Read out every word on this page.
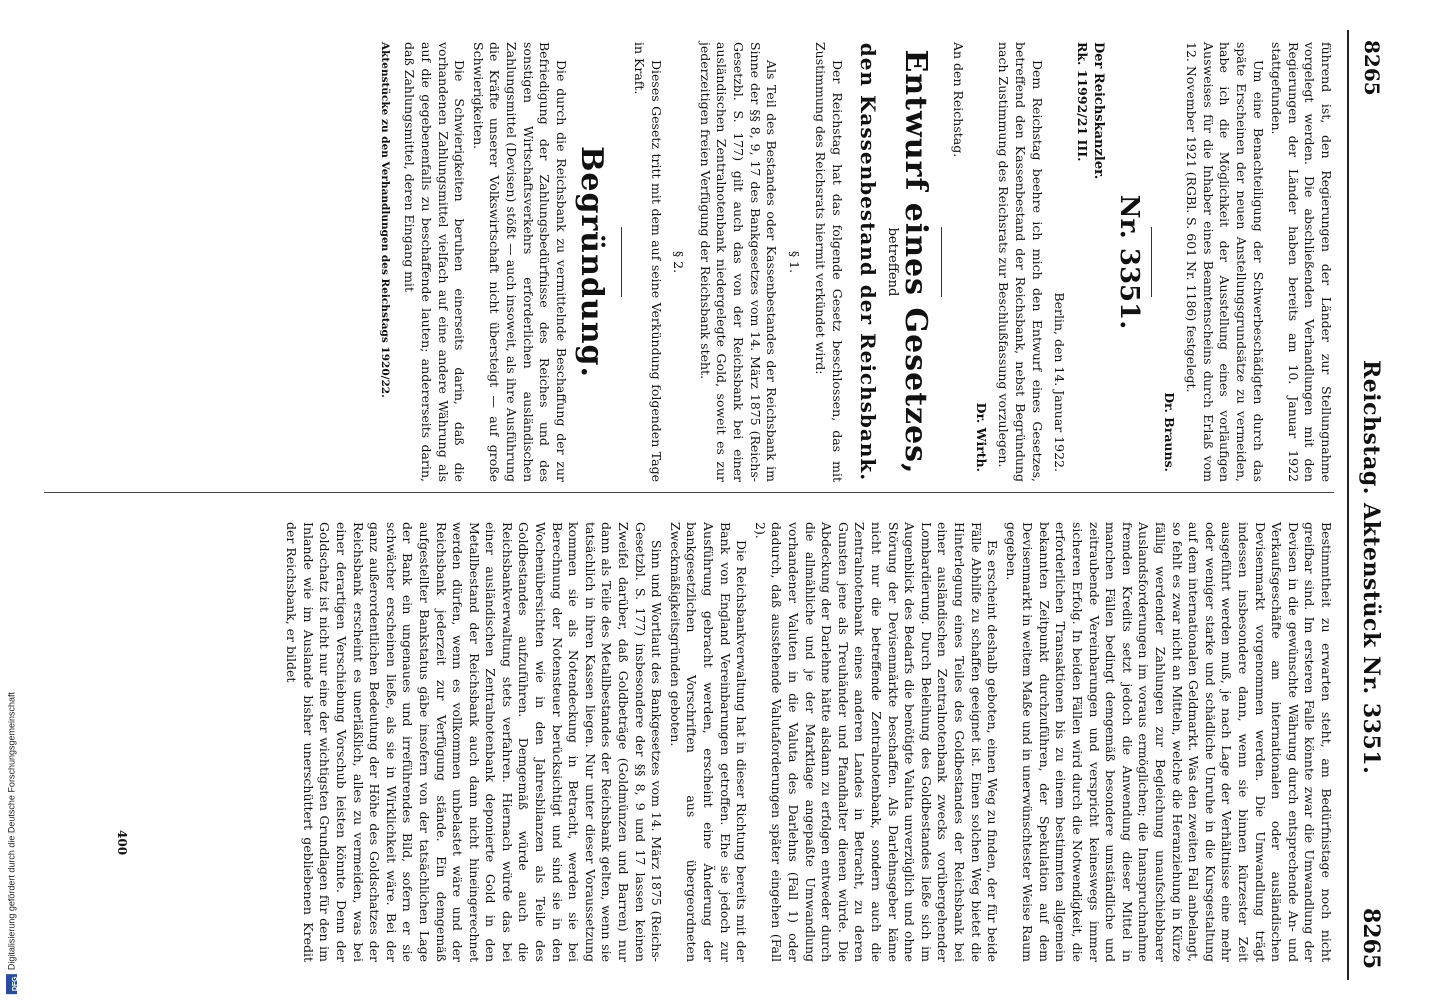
8265
Reichstag. Aktenstück Nr. 3351.
8265

führend ist, den Regierungen der Länder zur Stellungnahme vorgelegt werden. Die abschließenden Verhandlungen mit den Regierungen der Länder haben bereits am 10. Januar 1922 stattgefunden.

Um eine Benachteiligung der Schwerbeschädigten durch das späte Erscheinen der neuen Anstellungsgrundsätze zu vermeiden, habe ich die Möglichkeit der Ausstellung eines vorläufigen Ausweises für die Inhaber eines Beamtenscheins durch Erlaß vom 12. November 1921 (RGBl. S. 601 Nr. 1186) festgelegt.

Dr. Brauns.
Nr. 3351.
Der Reichskanzler.
Rk. 11992/21 III.
Berlin, den 14. Januar 1922.

Dem Reichstag beehre ich mich den Entwurf eines Gesetzes, betreffend den Kassenbestand der Reichsbank, nebst Begründung nach Zustimmung des Reichsrats zur Beschlußfassung vorzulegen.

Dr. Wirth.

An den Reichstag.

Entwurf eines Gesetzes,
betreffend
den Kassenbestand der Reichsbank.

Der Reichstag hat das folgende Gesetz beschlossen, das mit Zustimmung des Reichsrats hiermit verkündet wird:

§ 1.

Als Teil des Bestandes oder Kassenbestandes der Reichsbank im Sinne der §§ 8, 9, 17 des Bankgesetzes vom 14. März 1875 (Reichs-Gesetzbl. S. 177) gilt auch das von der Reichsbank bei einer ausländischen Zentralnotenbank niedergelegte Gold, soweit es zur jederzeitigen freien Verfügung der Reichsbank steht.

§ 2.

Dieses Gesetz tritt mit dem auf seine Verkündung folgenden Tage in Kraft.

Begründung.

Die durch die Reichsbank zu vermittelnde Beschaffung der zur Befriedigung der Zahlungsbedürfnisse des Reiches und des sonstigen Wirtschaftsverkehrs erforderlichen ausländischen Zahlungsmittel (Devisen) stößt — auch insoweit, als ihre Ausführung die Kräfte unserer Volkswirtschaft nicht übersteigt — auf große Schwierigkeiten.

Die Schwierigkeiten beruhen einerseits darin, daß die vorhandenen Zahlungsmittel vielfach auf eine andere Währung als auf die gegebenenfalls zu beschaffende lauten; andererseits darin, daß Zahlungsmittel, deren Eingang mit

Aktenstücke zu den Verhandlungen des Reichstags 1920/22.

Bestimmtheit zu erwarten steht, am Bedürfnistage noch nicht greifbar sind. Im ersteren Falle könnte zwar die Umwandlung der Devisen in die gewünschte Währung durch entsprechende An- und Verkaufsgeschäfte am internationalen oder ausländischen Devisenmarkt vorgenommen werden. Die Umwandlung trägt indessen insbesondere dann, wenn sie binnen kürzester Zeit ausgeführt werden muß, je nach Lage der Verhältnisse eine mehr oder weniger starke und schädliche Unruhe in die Kursgestaltung auf dem internationalen Geldmarkt. Was den zweiten Fall anbelangt, so fehlt es zwar nicht an Mitteln, welche die Heranziehung in Kürze fällig werdender Zahlungen zur Begleichung unaufschiebbarer Auslandsforderungen im voraus ermöglichen; die Inanspruchnahme fremden Kredits setzt jedoch die Anwendung dieser Mittel in manchen Fällen bedingt demgemäß besondere umständliche und zeitraubende Vereinbarungen und verspricht keineswegs immer sicheren Erfolg. In beiden Fällen wird durch die Notwendigkeit, die erforderlichen Transaktionen bis zu einem bestimmten allgemein bekannten Zeitpunkt durchzuführen, der Spekulation auf dem Devisenmarkt in weitem Maße und in unerwünschtester Weise Raum gegeben.

Es erscheint deshalb geboten, einen Weg zu finden, der für beide Fälle Abhilfe zu schaffen geeignet ist. Einen solchen Weg bietet die Hinterlegung eines Teiles des Goldbestandes der Reichsbank bei einer ausländischen Zentralnotenbank zwecks vorübergehender Lombardierung. Durch Beleihung des Goldbestandes ließe sich im Augenblick des Bedarfs die benötigte Valuta unverzüglich und ohne Störung der Devisenmärkte beschaffen. Als Darlehnsgeber käme nicht nur die betreffende Zentralnotenbank, sondern auch die Zentralnotenbank eines anderen Landes in Betracht, zu deren Gunsten jene als Treuhänder und Pfandhalter dienen würde. Die Abdeckung der Darlehne hätte alsdann zu erfolgen entweder durch die allmähliche und je der Marktlage angepaßte Umwandlung vorhandener Valuten in die Valuta des Darlehns (Fall 1) oder dadurch, daß ausstehende Valutaforderungen später eingehen (Fall 2).

Die Reichsbankverwaltung hat in dieser Richtung bereits mit der Bank von England Vereinbarungen getroffen. Ehe sie jedoch zur Ausführung gebracht werden, erscheint eine Änderung der bankgesetzlichen Vorschriften aus übergeordneten Zweckmäßigkeitsgründen geboten.

Sinn und Wortlaut des Bankgesetzes vom 14. März 1875 (Reichs-Gesetzbl. S. 177) insbesondere der §§ 8, 9 und 17 lassen keinen Zweifel darüber, daß Goldbeträge (Goldmünzen und Barren) nur dann als Teile des Metallbestandes der Reichsbank gelten, wenn sie tatsächlich in ihren Kassen liegen. Nur unter dieser Voraussetzung kommen sie als Notendeckung in Betracht, werden sie bei Berechnung der Notensteuer berücksichtigt und sind sie in den Wochenübersichten wie in den Jahresbilanzen als Teile des Goldbestandes aufzuführen. Demgemäß würde auch die Reichsbankverwaltung stets verfahren. Hiernach würde das bei einer ausländischen Zentralnotenbank deponierte Gold in den Metallbestand der Reichsbank auch dann nicht hineingerechnet werden dürfen, wenn es vollkommen unbelastet wäre und der Reichsbank jederzeit zur Verfügung stände. Ein demgemäß aufgestellter Bankstatus gäbe insofern von der tatsächlichen Lage der Bank ein ungenaues und irreführendes Bild, sofern er sie schwächer erscheinen ließe, als sie in Wirklichkeit wäre. Bei der ganz außerordentlichen Bedeutung der Höhe des Goldschatzes der Reichsbank erscheint es unerläßlich, alles zu vermeiden, was bei einer derartigen Verschiebung Vorschub leisten könnte. Denn der Goldschatz ist nicht nur eine der wichtigsten Grundlagen für den im Inlande wie im Auslande bisher unerschüttert gebliebenen Kredit der Reichsbank, er bildet

400
DFG
Digitalisierung gefördert durch die Deutsche Forschungsgemeinschaft
